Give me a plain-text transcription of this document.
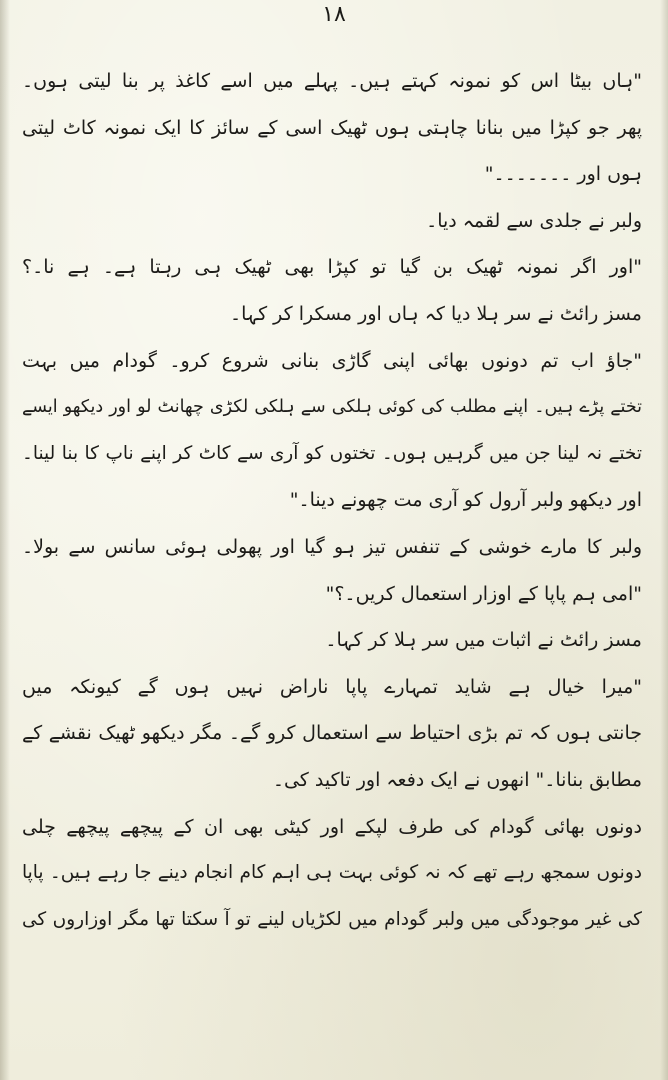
۱۸
"ہاں بیٹا اس کو نمونہ کہتے ہیں۔ پہلے میں اسے کاغذ پر بنا لیتی ہوں۔
پھر جو کپڑا میں بنانا چاہتی ہوں ٹھیک اسی کے سائز کا ایک نمونہ کاٹ لیتی
ہوں اور ۔۔۔۔۔۔۔"
ولبر نے جلدی سے لقمہ دیا۔
"اور اگر نمونہ ٹھیک بن گیا تو کپڑا بھی ٹھیک ہی رہتا ہے۔ ہے نا۔؟
مسز رائٹ نے سر ہلا دیا کہ ہاں اور مسکرا کر کہا۔
"جاؤ اب تم دونوں بھائی اپنی گاڑی بنانی شروع کرو۔ گودام میں بہت
تختے پڑے ہیں۔ اپنے مطلب کی کوئی ہلکی سے ہلکی لکڑی چھانٹ لو اور دیکھو ایسے
تختے نہ لینا جن میں گرہیں ہوں۔ تختوں کو آری سے کاٹ کر اپنے ناپ کا بنا لینا۔
اور دیکھو ولبر آرول کو آری مت چھونے دینا۔"
ولبر کا مارے خوشی کے تنفس تیز ہو گیا اور پھولی ہوئی سانس سے بولا۔
"امی ہم پاپا کے اوزار استعمال کریں۔؟"
مسز رائٹ نے اثبات میں سر ہلا کر کہا۔
"میرا خیال ہے شاید تمہارے پاپا ناراض نہیں ہوں گے کیونکہ میں
جانتی ہوں کہ تم بڑی احتیاط سے استعمال کرو گے۔ مگر دیکھو ٹھیک نقشے کے
مطابق بنانا۔" انھوں نے ایک دفعہ اور تاکید کی۔
دونوں بھائی گودام کی طرف لپکے اور کیٹی بھی ان کے پیچھے پیچھے چلی
دونوں سمجھ رہے تھے کہ نہ کوئی بہت ہی اہم کام انجام دینے جا رہے ہیں۔ پاپا
کی غیر موجودگی میں ولبر گودام میں لکڑیاں لینے تو آ سکتا تھا مگر اوزاروں کی
